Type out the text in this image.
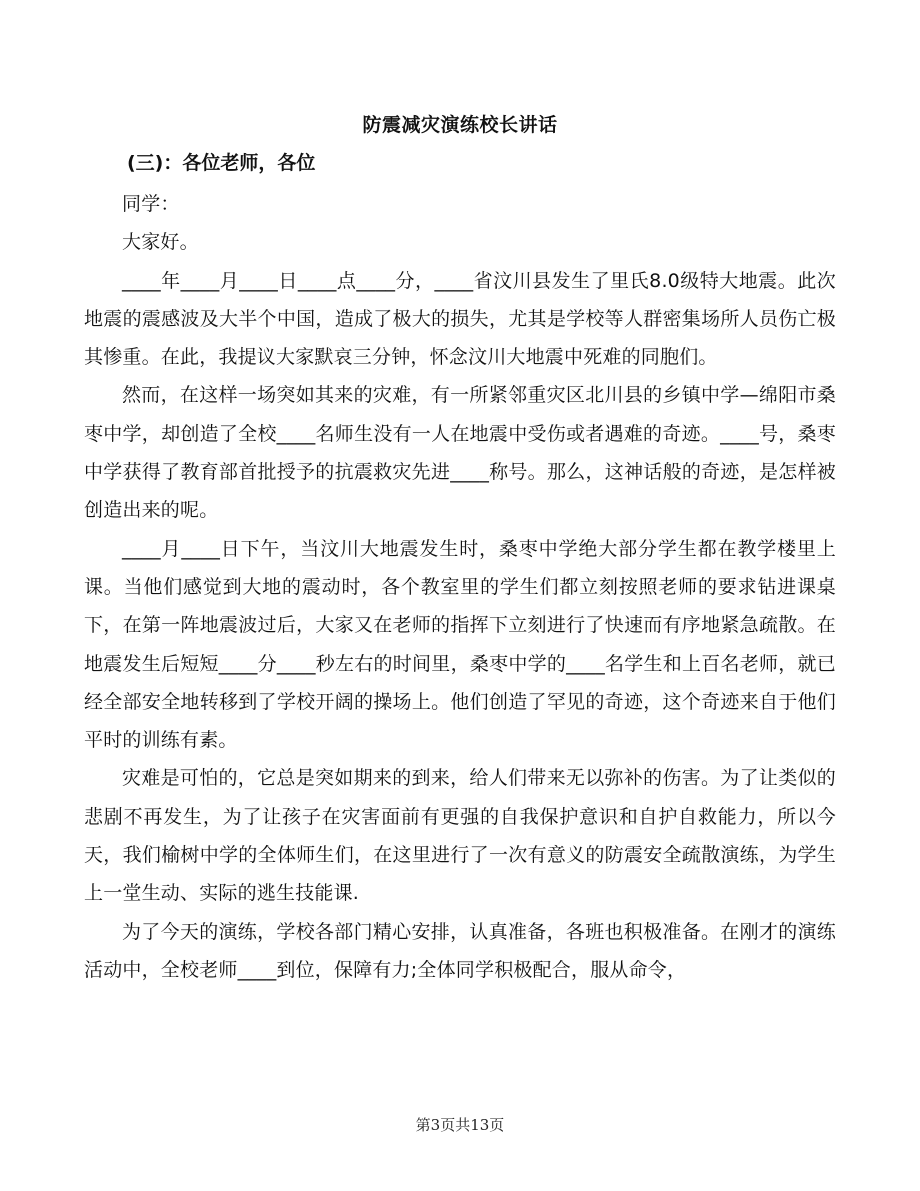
防震减灾演练校长讲话
(三)：各位老师，各位

同学：

大家好。

____年____月____日____点____分，____省汶川县发生了里氏8.0级特大地震。此次地震的震感波及大半个中国，造成了极大的损失，尤其是学校等人群密集场所人员伤亡极其惨重。在此，我提议大家默哀三分钟，怀念汶川大地震中死难的同胞们。

然而，在这样一场突如其来的灾难，有一所紧邻重灾区北川县的乡镇中学—绵阳市桑枣中学，却创造了全校____名师生没有一人在地震中受伤或者遇难的奇迹。____号，桑枣中学获得了教育部首批授予的抗震救灾先进____称号。那么，这神话般的奇迹，是怎样被创造出来的呢。

____月____日下午，当汶川大地震发生时，桑枣中学绝大部分学生都在教学楼里上课。当他们感觉到大地的震动时，各个教室里的学生们都立刻按照老师的要求钻进课桌下，在第一阵地震波过后，大家又在老师的指挥下立刻进行了快速而有序地紧急疏散。在地震发生后短短____分____秒左右的时间里，桑枣中学的____名学生和上百名老师，就已经全部安全地转移到了学校开阔的操场上。他们创造了罕见的奇迹，这个奇迹来自于他们平时的训练有素。

灾难是可怕的，它总是突如期来的到来，给人们带来无以弥补的伤害。为了让类似的悲剧不再发生，为了让孩子在灾害面前有更强的自我保护意识和自护自救能力，所以今天，我们榆树中学的全体师生们，在这里进行了一次有意义的防震安全疏散演练，为学生上一堂生动、实际的逃生技能课.

为了今天的演练，学校各部门精心安排，认真准备，各班也积极准备。在刚才的演练活动中，全校老师____到位，保障有力;全体同学积极配合，服从命令，

第3页共13页
